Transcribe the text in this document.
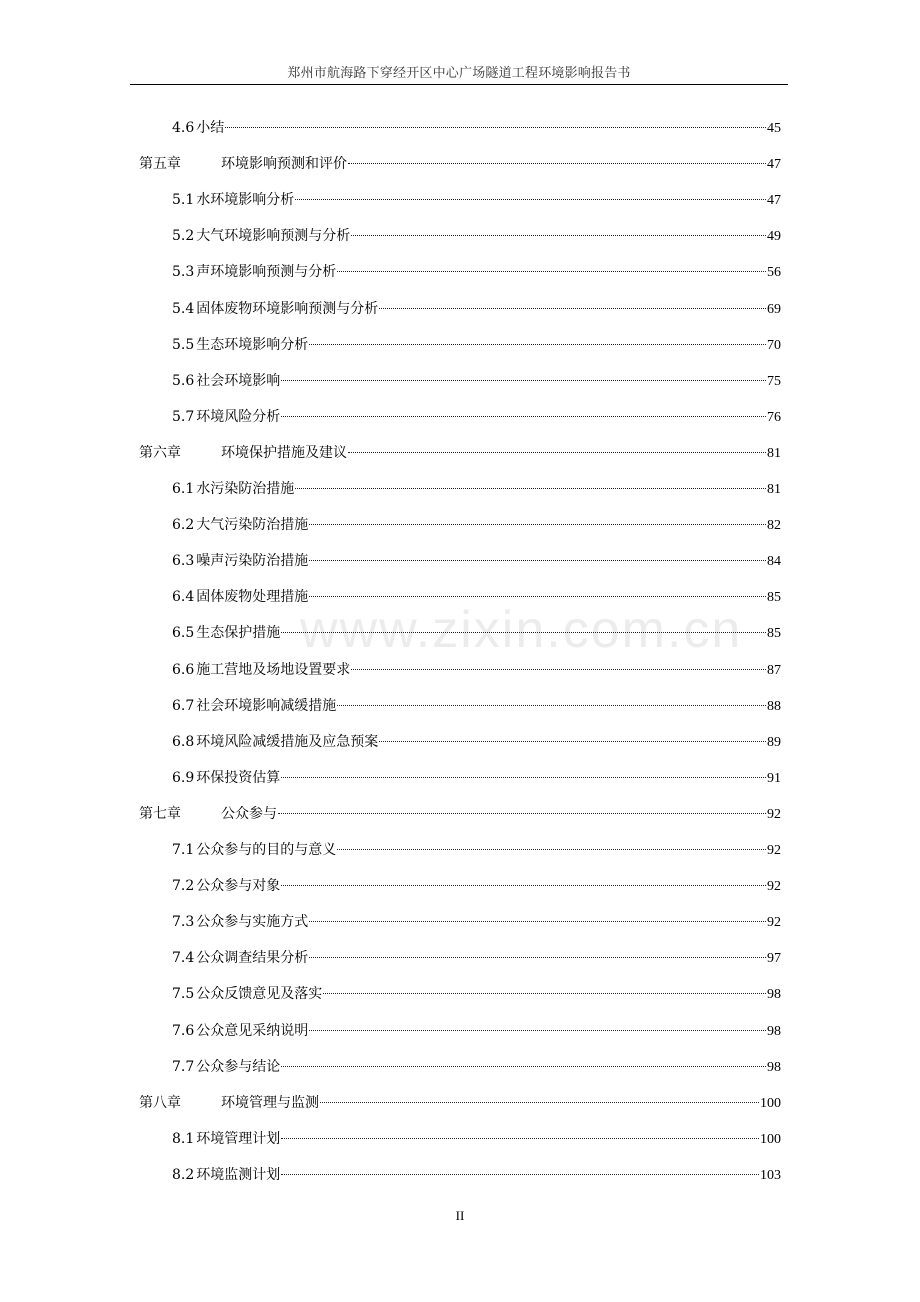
郑州市航海路下穿经开区中心广场隧道工程环境影响报告书
www.zixin.com.cn
4.6 小结	45
第五章	环境影响预测和评价	47
5.1 水环境影响分析	47
5.2 大气环境影响预测与分析	49
5.3 声环境影响预测与分析	56
5.4 固体废物环境影响预测与分析	69
5.5 生态环境影响分析	70
5.6 社会环境影响	75
5.7 环境风险分析	76
第六章	环境保护措施及建议	81
6.1 水污染防治措施	81
6.2 大气污染防治措施	82
6.3 噪声污染防治措施	84
6.4 固体废物处理措施	85
6.5 生态保护措施	85
6.6 施工营地及场地设置要求	87
6.7 社会环境影响减缓措施	88
6.8 环境风险减缓措施及应急预案	89
6.9 环保投资估算	91
第七章	公众参与	92
7.1 公众参与的目的与意义	92
7.2 公众参与对象	92
7.3 公众参与实施方式	92
7.4 公众调查结果分析	97
7.5 公众反馈意见及落实	98
7.6 公众意见采纳说明	98
7.7 公众参与结论	98
第八章	环境管理与监测	100
8.1 环境管理计划	100
8.2 环境监测计划	103
II
